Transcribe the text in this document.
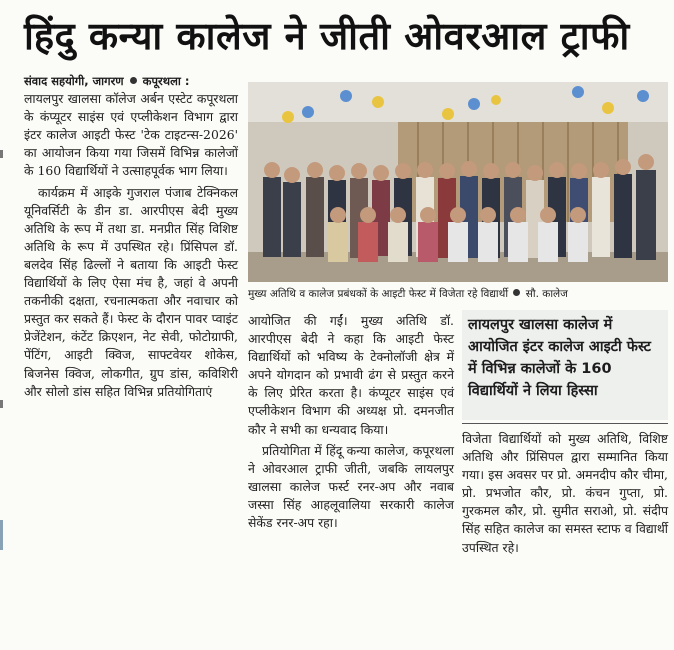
हिंदु कन्या कालेज ने जीती ओवरआल ट्राफी

संवाद सहयोगी, जागरण कपूरथला :

लायलपुर खालसा कॉलेज अर्बन एस्टेट कपूरथला के कंप्यूटर साइंस एवं एप्लीकेशन विभाग द्वारा इंटर कालेज आइटी फेस्ट 'टेक टाइटन्स-2026' का आयोजन किया गया जिसमें विभिन्न कालेजों के 160 विद्यार्थियों ने उत्साहपूर्वक भाग लिया।

कार्यक्रम में आइके गुजराल पंजाब टेक्निकल यूनिवर्सिटी के डीन डा. आरपीएस बेदी मुख्य अतिथि के रूप में तथा डा. मनप्रीत सिंह विशिष्ट अतिथि के रूप में उपस्थित रहे। प्रिंसिपल डॉ. बलदेव सिंह ढिल्लों ने बताया कि आइटी फेस्ट विद्यार्थियों के लिए ऐसा मंच है, जहां वे अपनी तकनीकी दक्षता, रचनात्मकता और नवाचार को प्रस्तुत कर सकते हैं। फेस्ट के दौरान पावर प्वाइंट प्रेजेंटेशन, कंटेंट क्रिएशन, नेट सेवी, फोटोग्राफी, पेंटिंग, आइटी क्विज, साफ्टवेयर शोकेस, बिजनेस क्विज, लोकगीत, ग्रुप डांस, कविशिरी और सोलो डांस सहित विभिन्न प्रतियोगिताएं

मुख्य अतिथि व कालेज प्रबंधकों के आइटी फेस्ट में विजेता रहे विद्यार्थी सौ. कालेज

आयोजित की गईं। मुख्य अतिथि डॉ. आरपीएस बेदी ने कहा कि आइटी फेस्ट विद्यार्थियों को भविष्य के टेक्नोलॉजी क्षेत्र में अपने योगदान को प्रभावी ढंग से प्रस्तुत करने के लिए प्रेरित करता है। कंप्यूटर साइंस एवं एप्लीकेशन विभाग की अध्यक्ष प्रो. दमनजीत कौर ने सभी का धन्यवाद किया।

प्रतियोगिता में हिंदू कन्या कालेज, कपूरथला ने ओवरआल ट्राफी जीती, जबकि लायलपुर खालसा कालेज फर्स्ट रनर-अप और नवाब जस्सा सिंह आहलूवालिया सरकारी कालेज सेकेंड रनर-अप रहा।

लायलपुर खालसा कालेज में आयोजित इंटर कालेज आइटी फेस्ट में विभिन्न कालेजों के 160 विद्यार्थियों ने लिया हिस्सा

विजेता विद्यार्थियों को मुख्य अतिथि, विशिष्ट अतिथि और प्रिंसिपल द्वारा सम्मानित किया गया। इस अवसर पर प्रो. अमनदीप कौर चीमा, प्रो. प्रभजोत कौर, प्रो. कंचन गुप्ता, प्रो. गुरकमल कौर, प्रो. सुमीत सराओ, प्रो. संदीप सिंह सहित कालेज का समस्त स्टाफ व विद्यार्थी उपस्थित रहे।
